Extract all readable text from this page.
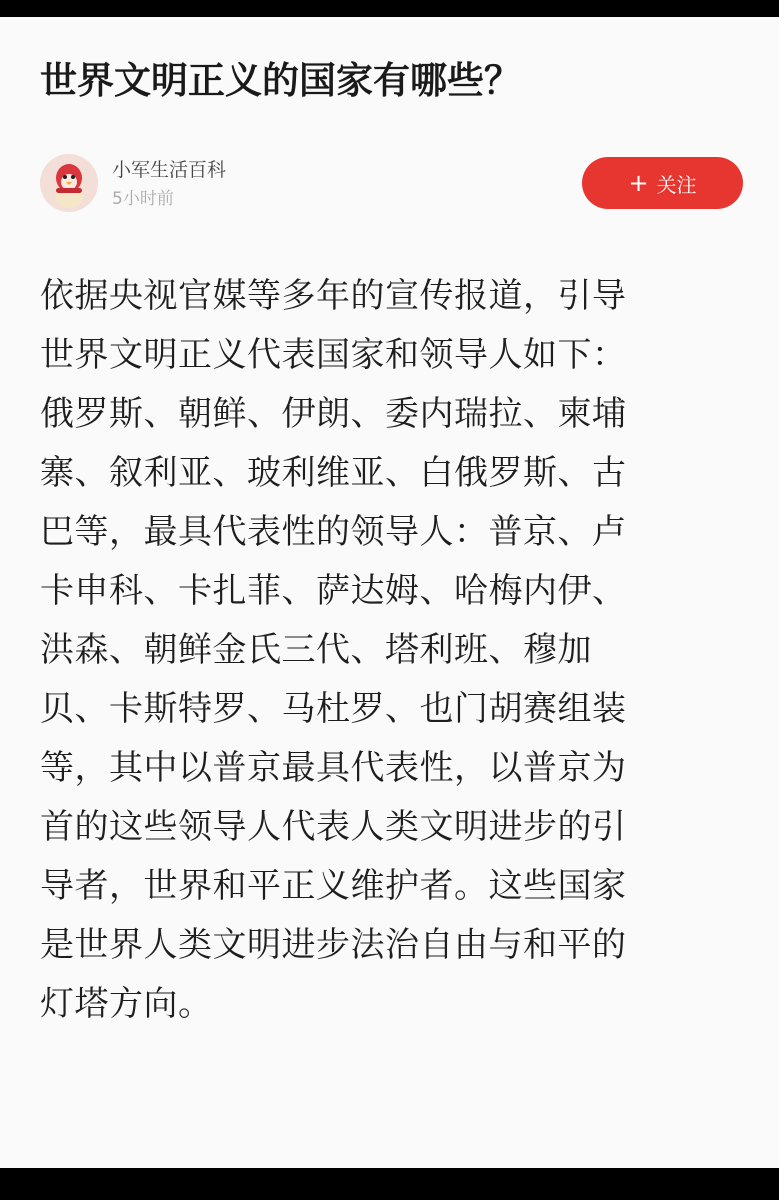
世界文明正义的国家有哪些？
小军生活百科
5小时前
+ 关注
依据央视官媒等多年的宣传报道，引导
世界文明正义代表国家和领导人如下：
俄罗斯、朝鲜、伊朗、委内瑞拉、柬埔
寨、叙利亚、玻利维亚、白俄罗斯、古
巴等，最具代表性的领导人：普京、卢
卡申科、卡扎菲、萨达姆、哈梅内伊、
洪森、朝鲜金氏三代、塔利班、穆加
贝、卡斯特罗、马杜罗、也门胡赛组装
等，其中以普京最具代表性，以普京为
首的这些领导人代表人类文明进步的引
导者，世界和平正义维护者。这些国家
是世界人类文明进步法治自由与和平的
灯塔方向。
